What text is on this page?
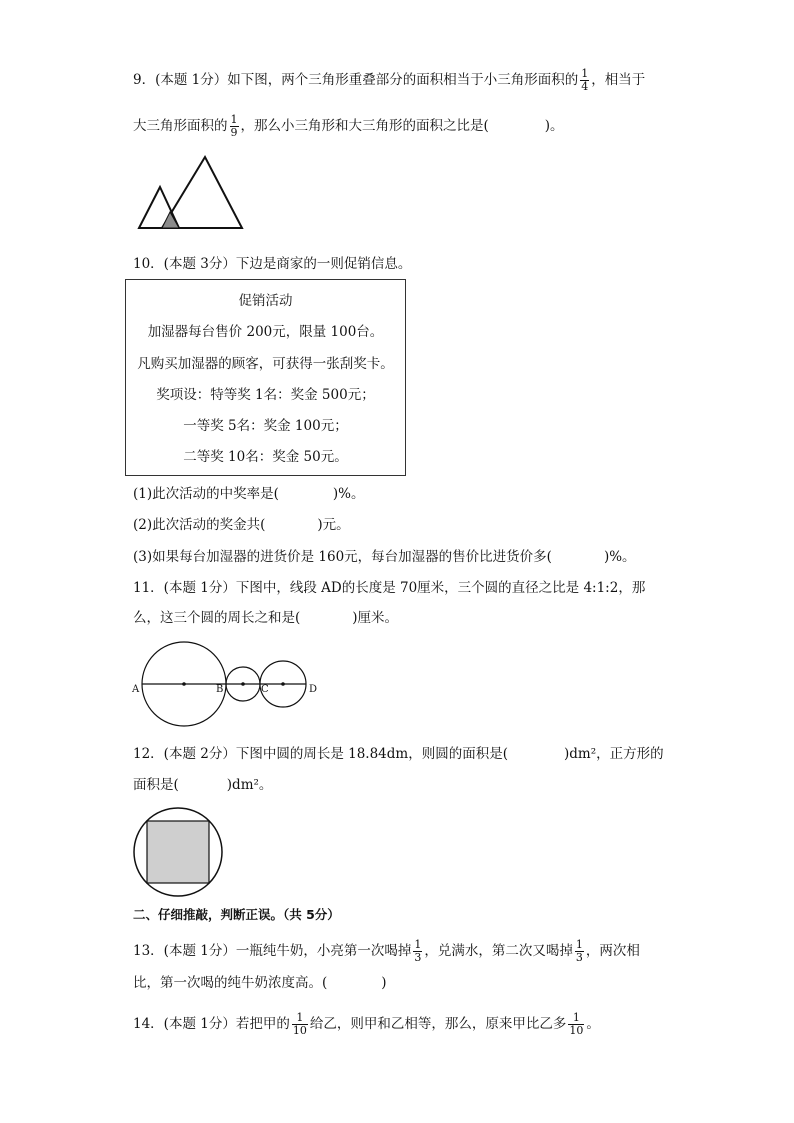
9．(本题 1分）如下图，两个三角形重叠部分的面积相当于小三角形面积的 $\frac{1}{4}$ ，相当于
大三角形面积的 $\frac{1}{9}$ ，那么小三角形和大三角形的面积之比是(	)。
10．(本题 3分）下边是商家的一则促销信息。
促销活动
加湿器每台售价 200元，限量 100台。
凡购买加湿器的顾客，可获得一张刮奖卡。
奖项设：特等奖 1名：奖金 500元；
一等奖 5名：奖金 100元；
二等奖 10名：奖金 50元。
(1)此次活动的中奖率是(	)%。
(2)此次活动的奖金共(	)元。
(3)如果每台加湿器的进货价是 160元，每台加湿器的售价比进货价多(	)%。
11．(本题 1分）下图中，线段 AD的长度是 70厘米，三个圆的直径之比是 4:1:2，那
么，这三个圆的周长之和是(	)厘米。
A	B	C	D
12．(本题 2分）下图中圆的周长是 18.84dm，则圆的面积是(	)dm²，正方形的
面积是(	)dm²。
二、仔细推敲，判断正误。（共 5分）
13．(本题 1分）一瓶纯牛奶，小亮第一次喝掉 $\frac{1}{3}$ ，兑满水，第二次又喝掉 $\frac{1}{3}$ ，两次相
比，第一次喝的纯牛奶浓度高。(	)
14．(本题 1分）若把甲的 $\frac{1}{10}$ 给乙，则甲和乙相等，那么，原来甲比乙多 $\frac{1}{10}$ 。
